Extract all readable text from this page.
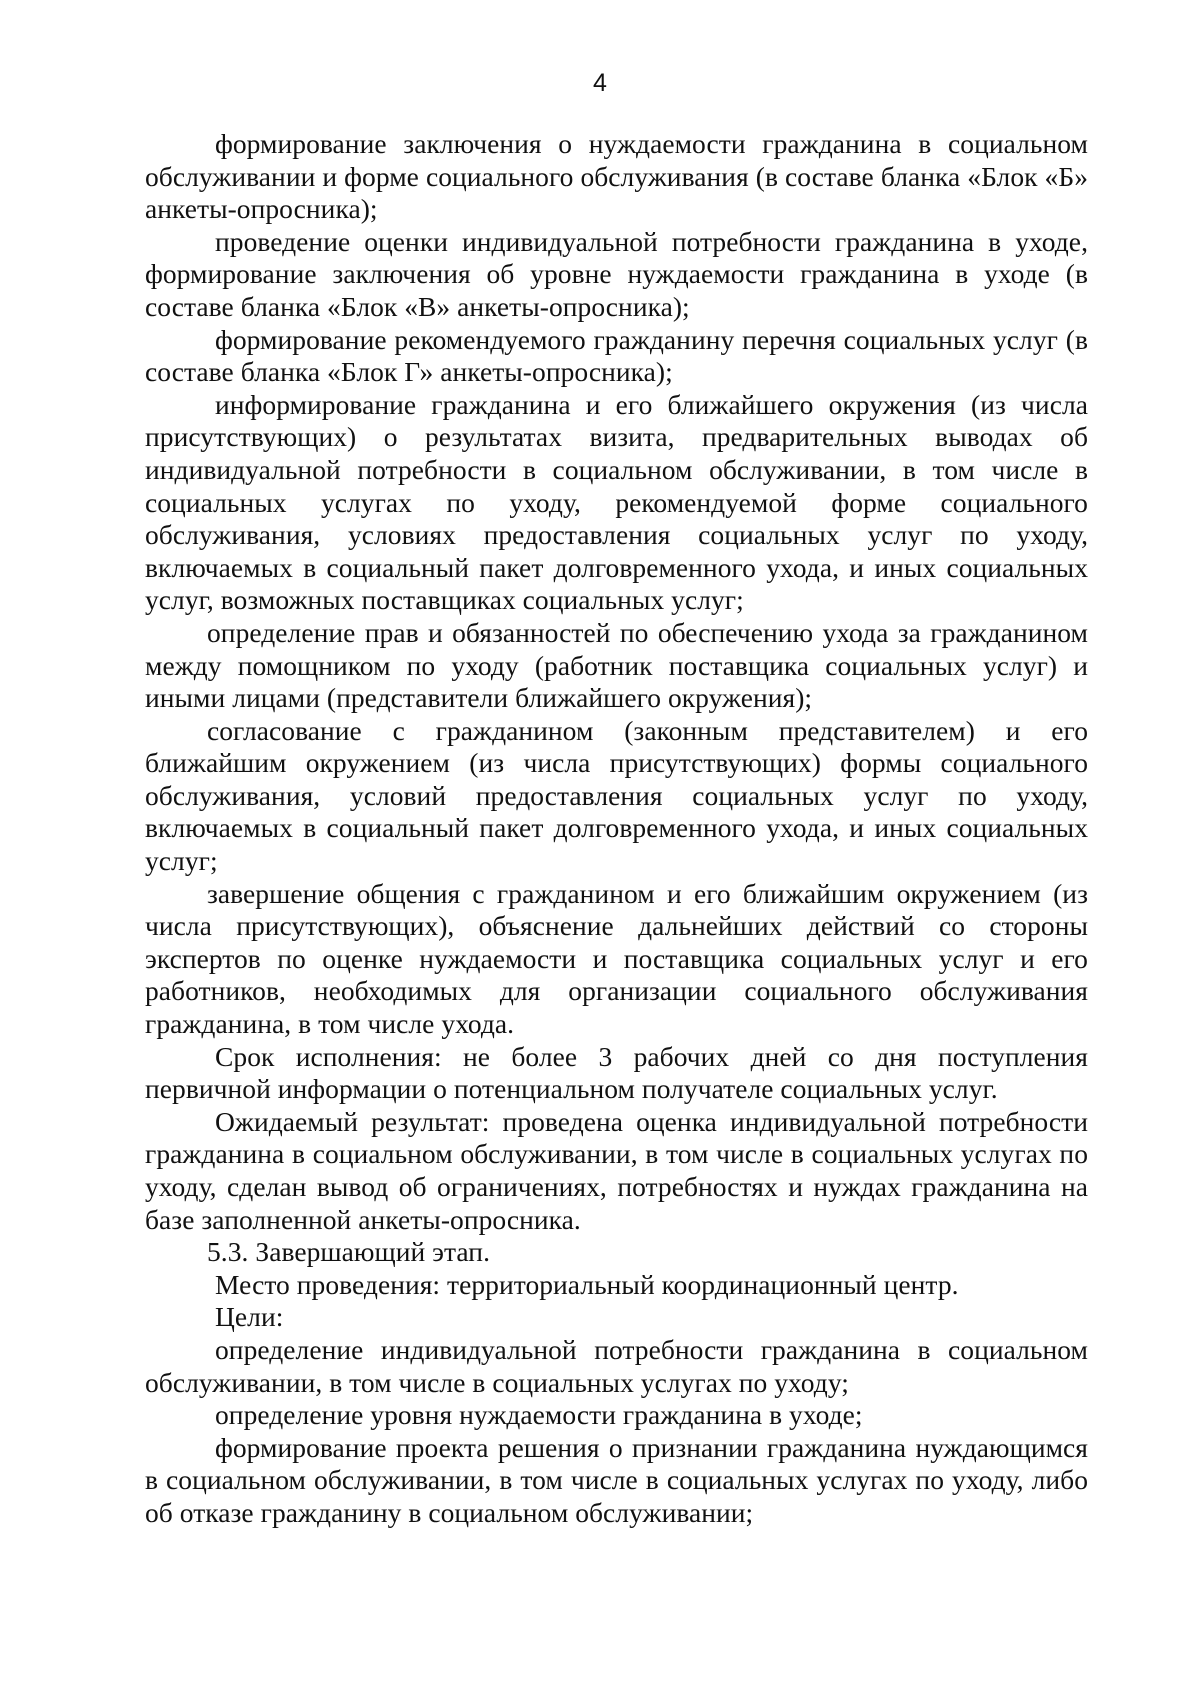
4

формирование заключения о нуждаемости гражданина в социальном обслуживании и форме социального обслуживания (в составе бланка «Блок «Б» анкеты-опросника);

проведение оценки индивидуальной потребности гражданина в уходе, формирование заключения об уровне нуждаемости гражданина в уходе (в составе бланка «Блок «В» анкеты-опросника);

формирование рекомендуемого гражданину перечня социальных услуг (в составе бланка «Блок Г» анкеты-опросника);

информирование гражданина и его ближайшего окружения (из числа присутствующих) о результатах визита, предварительных выводах об индивидуальной потребности в социальном обслуживании, в том числе в социальных услугах по уходу, рекомендуемой форме социального обслуживания, условиях предоставления социальных услуг по уходу, включаемых в социальный пакет долговременного ухода, и иных социальных услуг, возможных поставщиках социальных услуг;

определение прав и обязанностей по обеспечению ухода за гражданином между помощником по уходу (работник поставщика социальных услуг) и иными лицами (представители ближайшего окружения);

согласование с гражданином (законным представителем) и его ближайшим окружением (из числа присутствующих) формы социального обслуживания, условий предоставления социальных услуг по уходу, включаемых в социальный пакет долговременного ухода, и иных социальных услуг;

завершение общения с гражданином и его ближайшим окружением (из числа присутствующих), объяснение дальнейших действий со стороны экспертов по оценке нуждаемости и поставщика социальных услуг и его работников, необходимых для организации социального обслуживания гражданина, в том числе ухода.

Срок исполнения: не более 3 рабочих дней со дня поступления первичной информации о потенциальном получателе социальных услуг.

Ожидаемый результат: проведена оценка индивидуальной потребности гражданина в социальном обслуживании, в том числе в социальных услугах по уходу, сделан вывод об ограничениях, потребностях и нуждах гражданина на базе заполненной анкеты-опросника.

5.3. Завершающий этап.

Место проведения: территориальный координационный центр.

Цели:

определение индивидуальной потребности гражданина в социальном обслуживании, в том числе в социальных услугах по уходу;

определение уровня нуждаемости гражданина в уходе;

формирование проекта решения о признании гражданина нуждающимся в социальном обслуживании, в том числе в социальных услугах по уходу, либо об отказе гражданину в социальном обслуживании;
